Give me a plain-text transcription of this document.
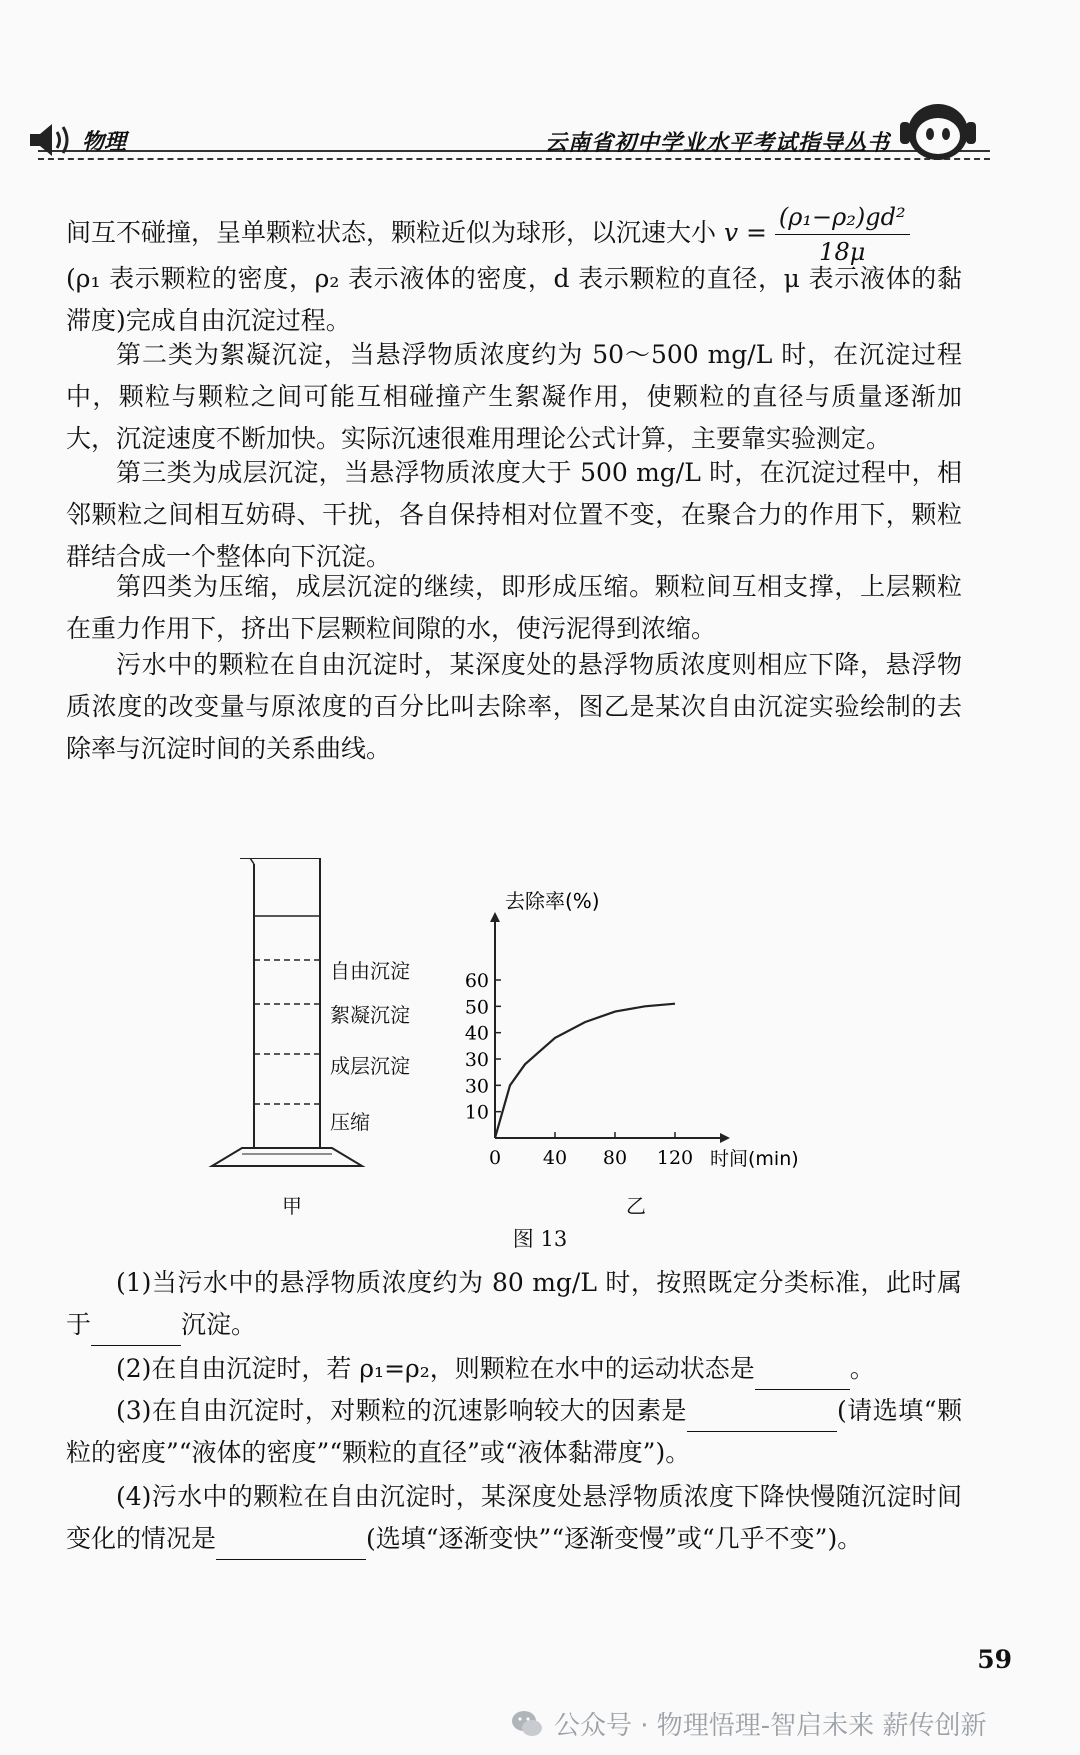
物理	云南省初中学业水平考试指导丛书
间互不碰撞，呈单颗粒状态，颗粒近似为球形，以沉速大小 $v = \frac{\text{(ρ₁−ρ₂)gd²}}{18\mu}$
(ρ₁ 表示颗粒的密度，ρ₂ 表示液体的密度，d 表示颗粒的直径，μ 表示液体的黏滞度)完成自由沉淀过程。
第二类为絮凝沉淀，当悬浮物质浓度约为 50～500 mg/L 时，在沉淀过程中，颗粒与颗粒之间可能互相碰撞产生絮凝作用，使颗粒的直径与质量逐渐加大，沉淀速度不断加快。实际沉速很难用理论公式计算，主要靠实验测定。
第三类为成层沉淀，当悬浮物质浓度大于 500 mg/L 时，在沉淀过程中，相邻颗粒之间相互妨碍、干扰，各自保持相对位置不变，在聚合力的作用下，颗粒群结合成一个整体向下沉淀。
第四类为压缩，成层沉淀的继续，即形成压缩。颗粒间互相支撑，上层颗粒在重力作用下，挤出下层颗粒间隙的水，使污泥得到浓缩。
污水中的颗粒在自由沉淀时，某深度处的悬浮物质浓度则相应下降，悬浮物质浓度的改变量与原浓度的百分比叫去除率，图乙是某次自由沉淀实验绘制的去除率与沉淀时间的关系曲线。
自由沉淀
絮凝沉淀
成层沉淀
压缩
甲
0 40 80 120
10
30
30
40
50
60
去除率(%)
时间(min)
乙
图 13
(1)当污水中的悬浮物质浓度约为 80 mg/L 时，按照既定分类标准，此时属于	沉淀。
(2)在自由沉淀时，若 ρ₁=ρ₂，则颗粒在水中的运动状态是	。
(3)在自由沉淀时，对颗粒的沉速影响较大的因素是	(请选填“颗粒的密度”“液体的密度”“颗粒的直径”或“液体黏滞度”)。
(4)污水中的颗粒在自由沉淀时，某深度处悬浮物质浓度下降快慢随沉淀时间变化的情况是	(选填“逐渐变快”“逐渐变慢”或“几乎不变”)。
59
公众号 · 物理悟理-智启未来 薪传创新
